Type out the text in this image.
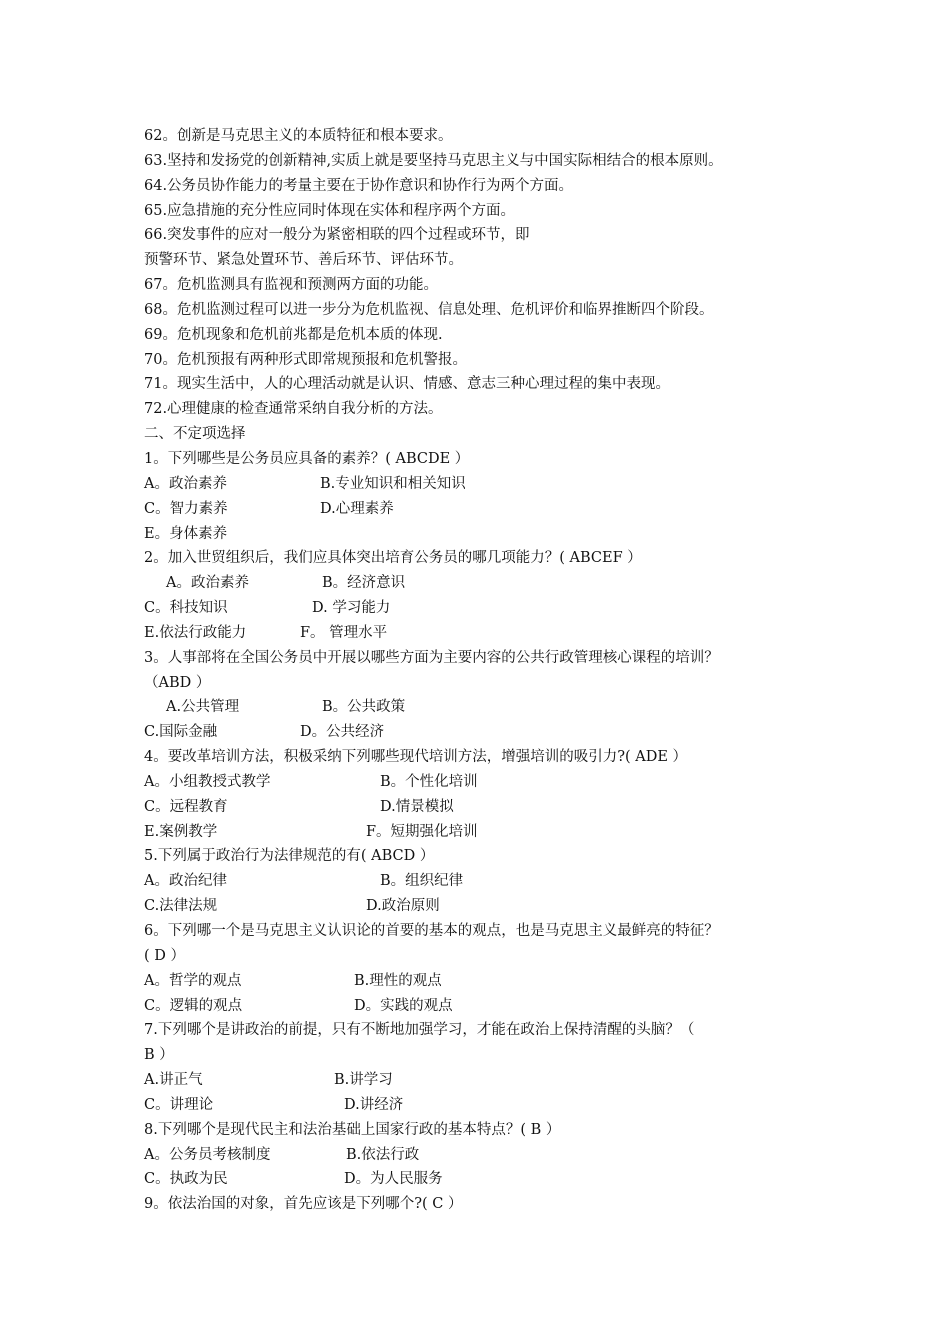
62。创新是马克思主义的本质特征和根本要求。
63.坚持和发扬党的创新精神,实质上就是要坚持马克思主义与中国实际相结合的根本原则。
64.公务员协作能力的考量主要在于协作意识和协作行为两个方面。
65.应急措施的充分性应同时体现在实体和程序两个方面。
66.突发事件的应对一般分为紧密相联的四个过程或环节，即
预警环节、紧急处置环节、善后环节、评估环节。
67。危机监测具有监视和预测两方面的功能。
68。危机监测过程可以进一步分为危机监视、信息处理、危机评价和临界推断四个阶段。
69。危机现象和危机前兆都是危机本质的体现.
70。危机预报有两种形式即常规预报和危机警报。
71。现实生活中，人的心理活动就是认识、情感、意志三种心理过程的集中表现。
72.心理健康的检查通常采纳自我分析的方法。
二、不定项选择
1。下列哪些是公务员应具备的素养？( ABCDE ）
A。政治素养	B.专业知识和相关知识
C。智力素养	D.心理素养
E。身体素养
2。加入世贸组织后，我们应具体突出培育公务员的哪几项能力？( ABCEF ）
A。政治素养	B。经济意识
C。科技知识	D. 学习能力
E.依法行政能力	F。 管理水平
3。人事部将在全国公务员中开展以哪些方面为主要内容的公共行政管理核心课程的培训？
（ABD ）
A.公共管理	B。公共政策
C.国际金融	D。公共经济
4。要改革培训方法，积极采纳下列哪些现代培训方法，增强培训的吸引力?( ADE ）
A。小组教授式教学	B。个性化培训
C。远程教育	D.情景模拟
E.案例教学	F。短期强化培训
5.下列属于政治行为法律规范的有( ABCD ）
A。政治纪律	B。组织纪律
C.法律法规	D.政治原则
6。下列哪一个是马克思主义认识论的首要的基本的观点，也是马克思主义最鲜亮的特征？
( D ）
A。哲学的观点	B.理性的观点
C。逻辑的观点	D。实践的观点
7.下列哪个是讲政治的前提，只有不断地加强学习，才能在政治上保持清醒的头脑？（
B ）
A.讲正气	B.讲学习
C。讲理论	D.讲经济
8.下列哪个是现代民主和法治基础上国家行政的基本特点？( B ）
A。公务员考核制度	B.依法行政
C。执政为民	D。为人民服务
9。依法治国的对象，首先应该是下列哪个?( C ）
